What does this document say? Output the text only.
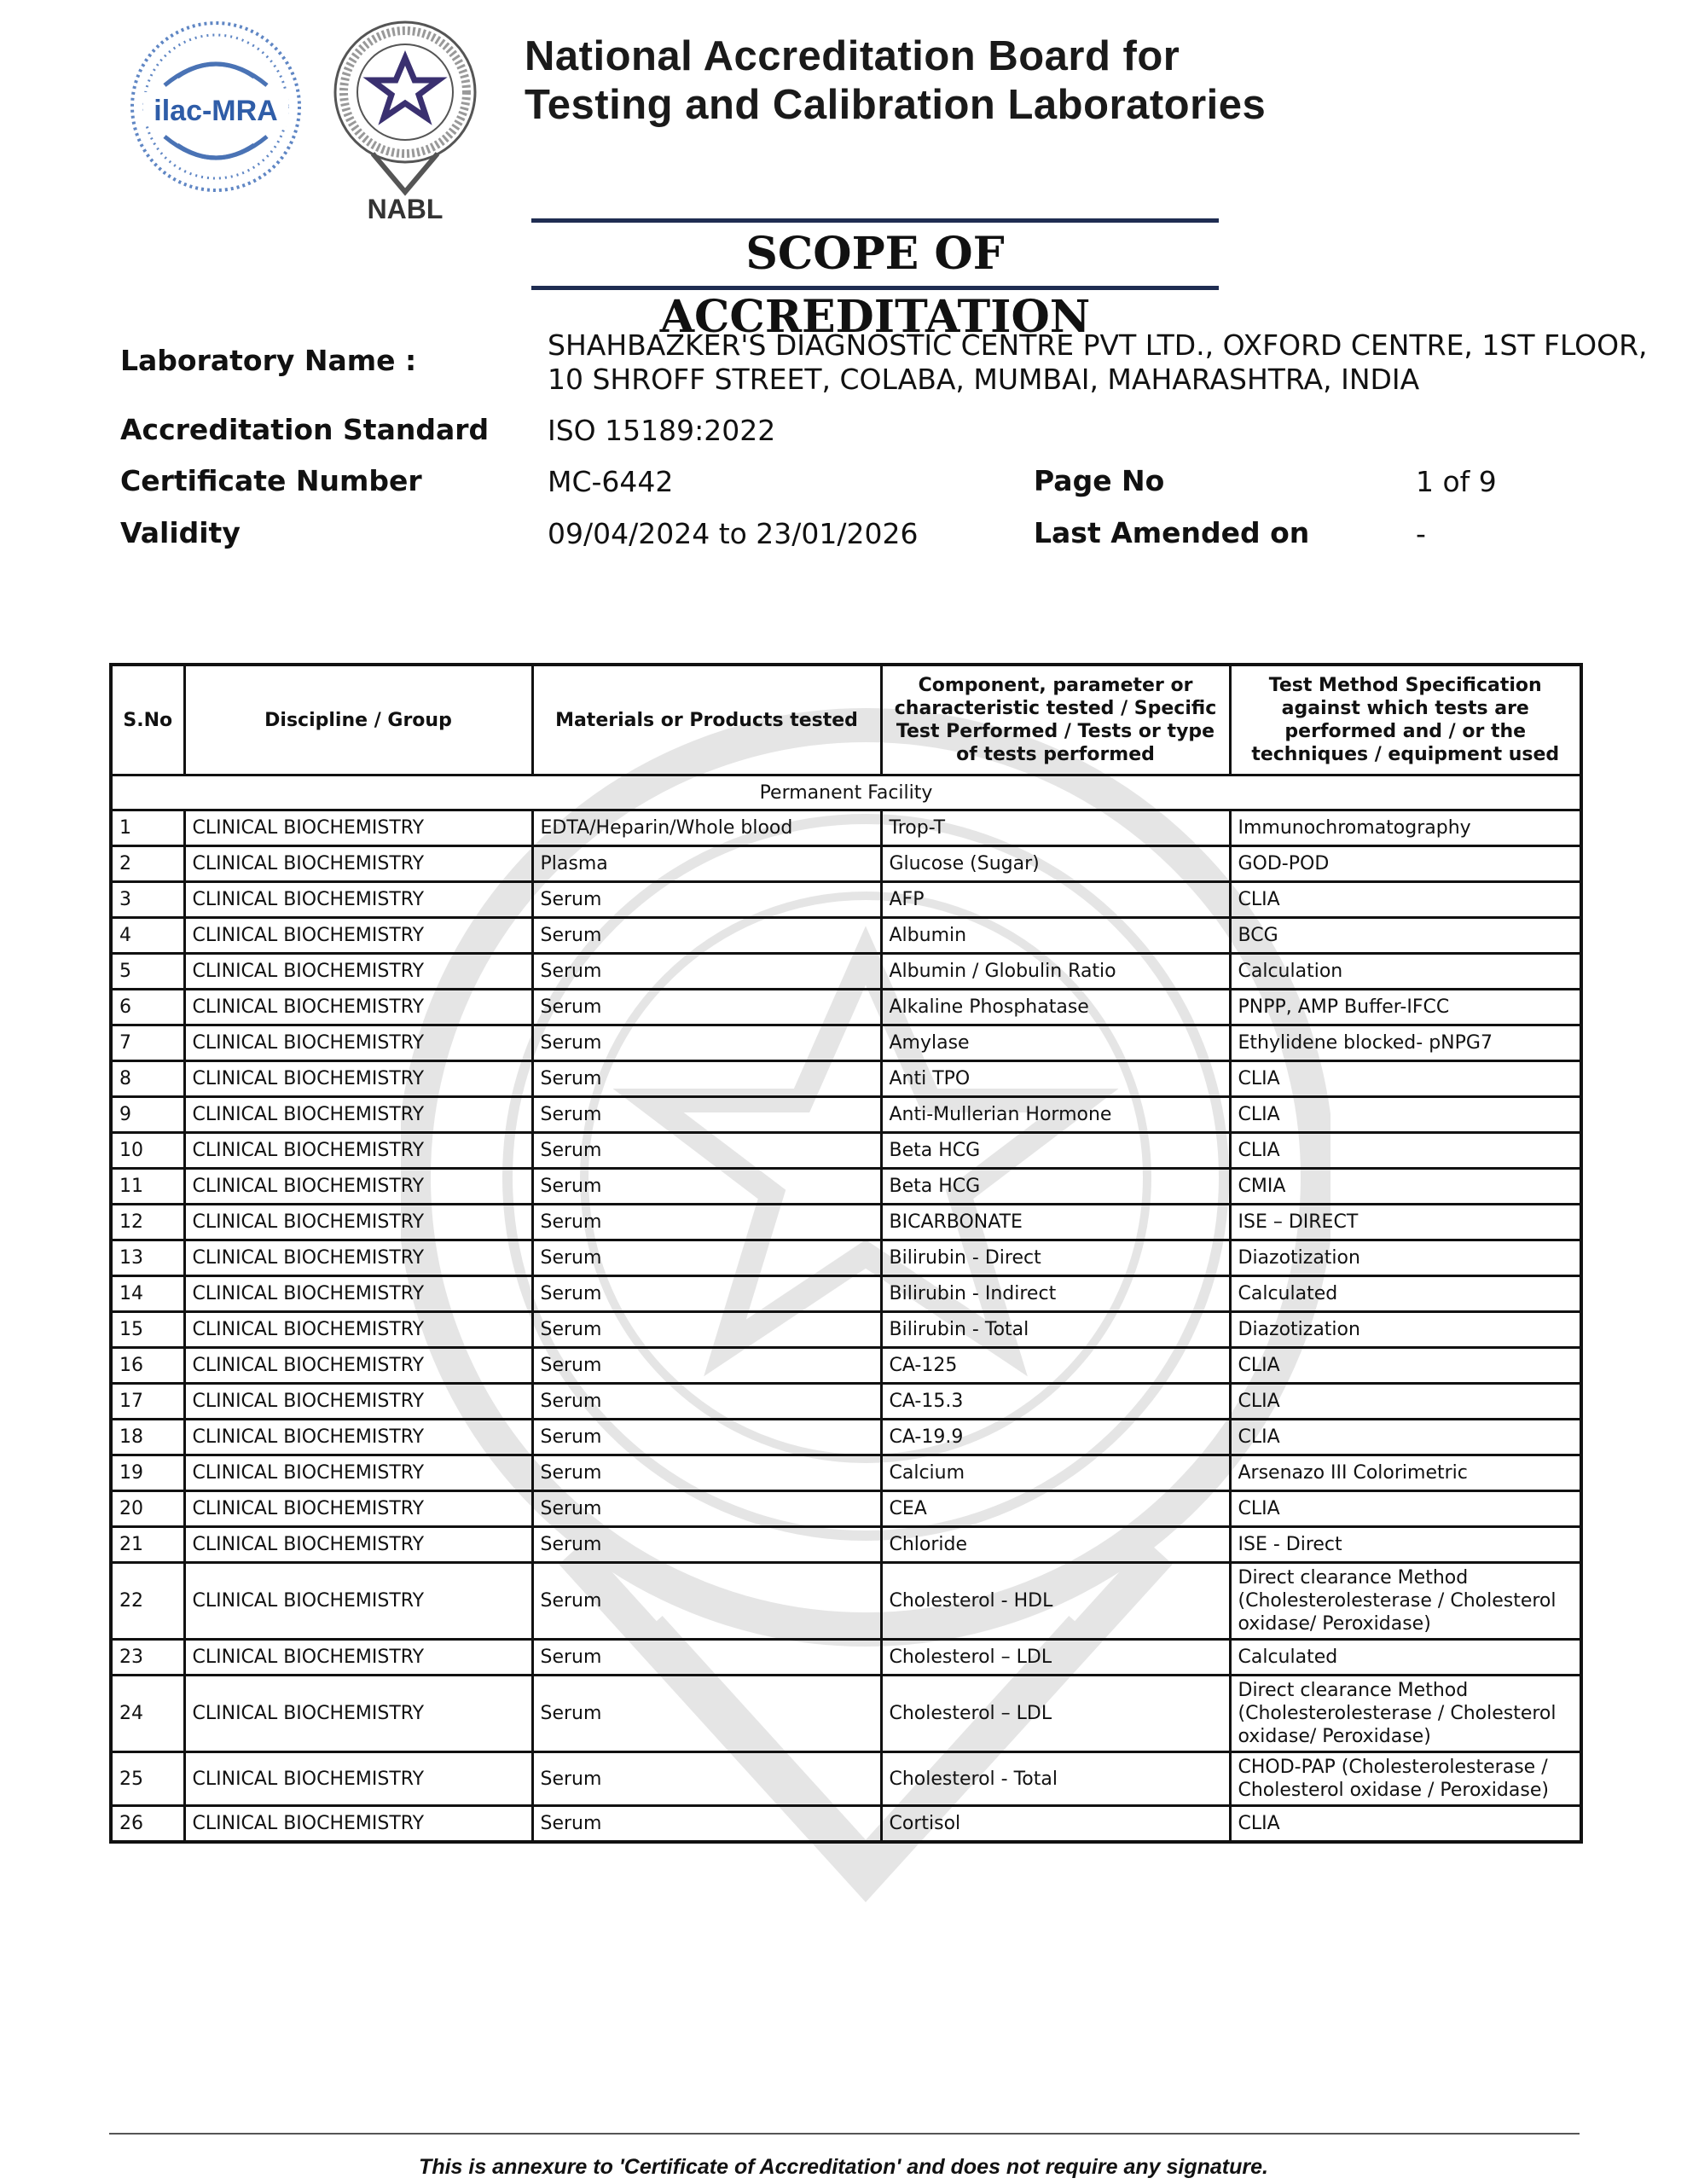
ilac-MRA
NABL
National Accreditation Board for
Testing and Calibration Laboratories
SCOPE OF ACCREDITATION
Laboratory Name :	SHAHBAZKER'S DIAGNOSTIC CENTRE PVT LTD., OXFORD CENTRE, 1ST FLOOR,
10 SHROFF STREET, COLABA, MUMBAI, MAHARASHTRA, INDIA
Accreditation Standard ISO 15189:2022
Certificate Number	MC-6442	Page No	1 of 9
Validity	09/04/2024 to 23/01/2026	Last Amended on	-
S.No	Discipline / Group	Materials or Products tested	Component, parameter or characteristic tested / Specific Test Performed / Tests or type of tests performed	Test Method Specification against which tests are performed and / or the techniques / equipment used
Permanent Facility				
1	CLINICAL BIOCHEMISTRY	EDTA/Heparin/Whole blood	Trop-T	Immunochromatography
2	CLINICAL BIOCHEMISTRY	Plasma	Glucose (Sugar)	GOD-POD
3	CLINICAL BIOCHEMISTRY	Serum	AFP	CLIA
4	CLINICAL BIOCHEMISTRY	Serum	Albumin	BCG
5	CLINICAL BIOCHEMISTRY	Serum	Albumin / Globulin Ratio	Calculation
6	CLINICAL BIOCHEMISTRY	Serum	Alkaline Phosphatase	PNPP, AMP Buffer-IFCC
7	CLINICAL BIOCHEMISTRY	Serum	Amylase	Ethylidene blocked- pNPG7
8	CLINICAL BIOCHEMISTRY	Serum	Anti TPO	CLIA
9	CLINICAL BIOCHEMISTRY	Serum	Anti-Mullerian Hormone	CLIA
10	CLINICAL BIOCHEMISTRY	Serum	Beta HCG	CLIA
11	CLINICAL BIOCHEMISTRY	Serum	Beta HCG	CMIA
12	CLINICAL BIOCHEMISTRY	Serum	BICARBONATE	ISE – DIRECT
13	CLINICAL BIOCHEMISTRY	Serum	Bilirubin - Direct	Diazotization
14	CLINICAL BIOCHEMISTRY	Serum	Bilirubin - Indirect	Calculated
15	CLINICAL BIOCHEMISTRY	Serum	Bilirubin - Total	Diazotization
16	CLINICAL BIOCHEMISTRY	Serum	CA-125	CLIA
17	CLINICAL BIOCHEMISTRY	Serum	CA-15.3	CLIA
18	CLINICAL BIOCHEMISTRY	Serum	CA-19.9	CLIA
19	CLINICAL BIOCHEMISTRY	Serum	Calcium	Arsenazo III Colorimetric
20	CLINICAL BIOCHEMISTRY	Serum	CEA	CLIA
21	CLINICAL BIOCHEMISTRY	Serum	Chloride	ISE - Direct
22	CLINICAL BIOCHEMISTRY	Serum	Cholesterol - HDL	Direct clearance Method (Cholesterolesterase / Cholesterol oxidase/ Peroxidase)
23	CLINICAL BIOCHEMISTRY	Serum	Cholesterol – LDL	Calculated
24	CLINICAL BIOCHEMISTRY	Serum	Cholesterol – LDL	Direct clearance Method (Cholesterolesterase / Cholesterol oxidase/ Peroxidase)
25	CLINICAL BIOCHEMISTRY	Serum	Cholesterol - Total	CHOD-PAP (Cholesterolesterase / Cholesterol oxidase / Peroxidase)
26	CLINICAL BIOCHEMISTRY	Serum	Cortisol	CLIA
This is annexure to 'Certificate of Accreditation' and does not require any signature.
